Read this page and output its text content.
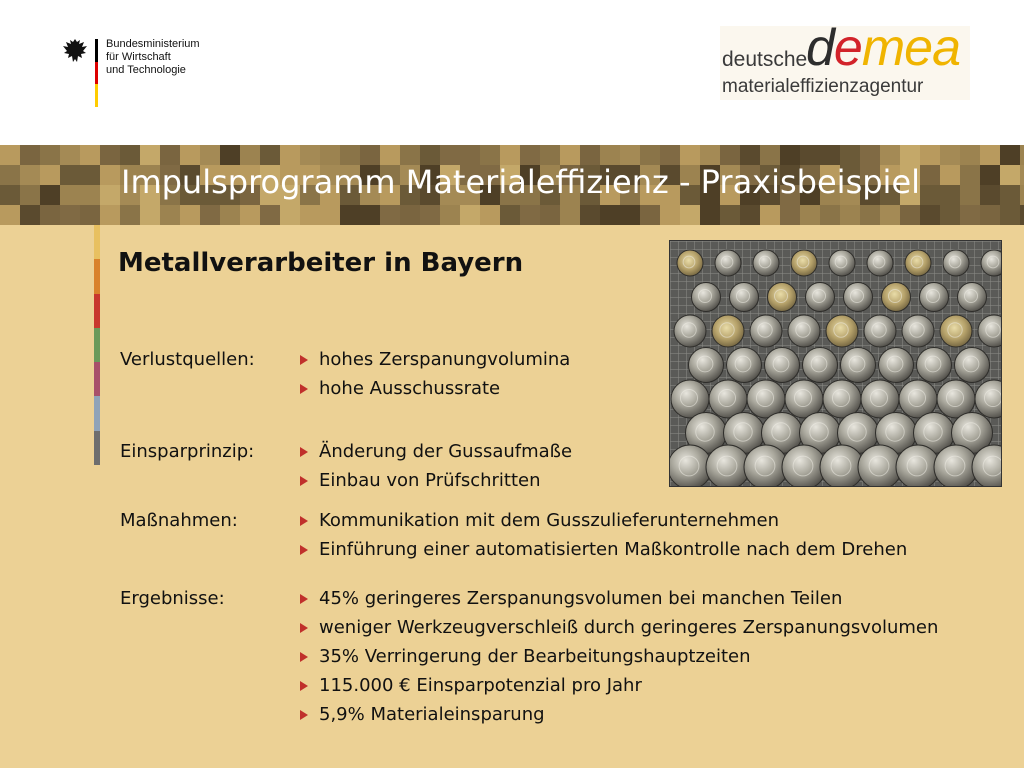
Bundesministerium
für Wirtschaft
und Technologie	deutsche
demea
materialeffizienzagentur
Impulsprogramm Materialeffizienz - Praxisbeispiel
Metallverarbeiter in Bayern
Verlustquellen:	hohes Zerspanungvolumina
hohe Ausschussrate
Einsparprinzip:	Änderung der Gussaufmaße
Einbau von Prüfschritten
Maßnahmen:	Kommunikation mit dem Gusszulieferunternehmen
Einführung einer automatisierten Maßkontrolle nach dem Drehen
Ergebnisse:	45% geringeres Zerspanungsvolumen bei manchen Teilen
weniger Werkzeugverschleiß durch geringeres Zerspanungsvolumen
35% Verringerung der Bearbeitungshauptzeiten
115.000 € Einsparpotenzial pro Jahr
5,9% Materialeinsparung
